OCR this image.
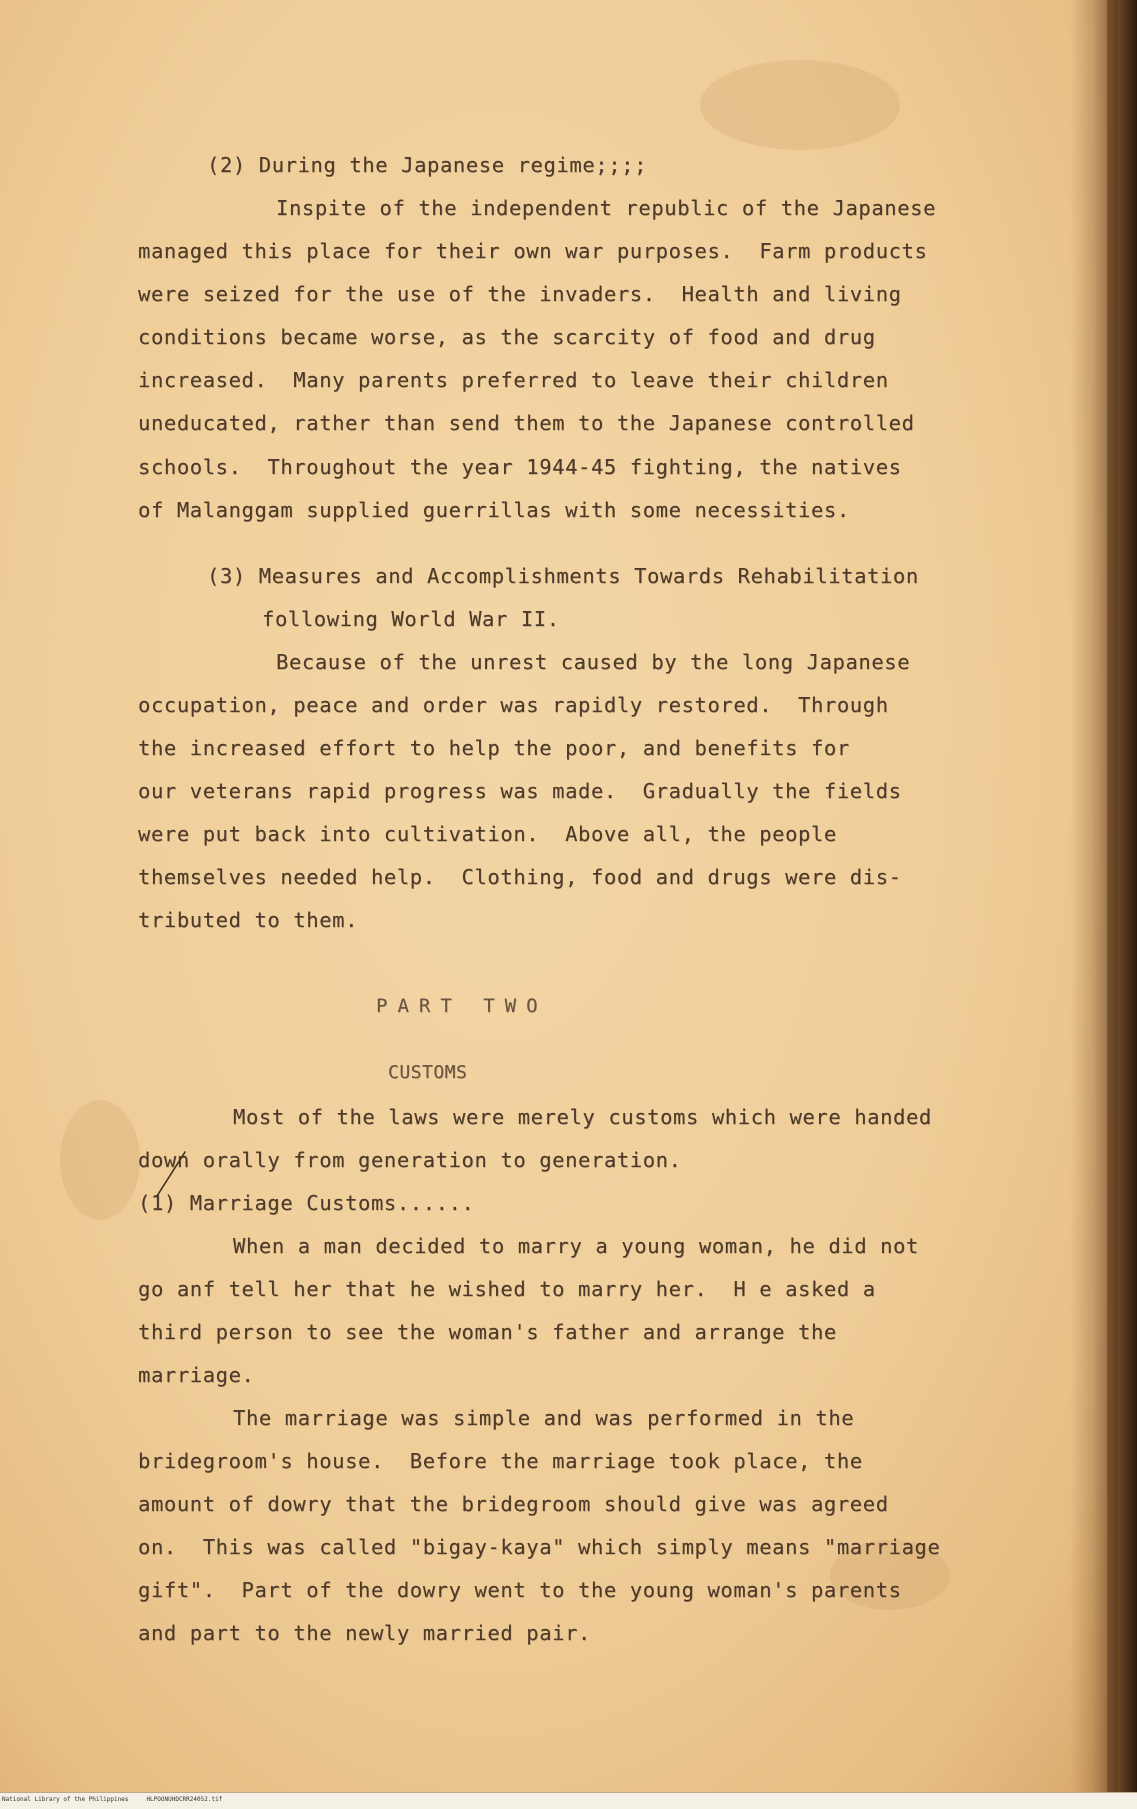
(2) During the Japanese regime;;;;
Inspite of the independent republic of the Japanese
managed this place for their own war purposes.  Farm products
were seized for the use of the invaders.  Health and living
conditions became worse, as the scarcity of food and drug
increased.  Many parents preferred to leave their children
uneducated, rather than send them to the Japanese controlled
schools.  Throughout the year 1944-45 fighting, the natives
of Malanggam supplied guerrillas with some necessities.
(3) Measures and Accomplishments Towards Rehabilitation
following World War II.
Because of the unrest caused by the long Japanese
occupation, peace and order was rapidly restored.  Through
the increased effort to help the poor, and benefits for
our veterans rapid progress was made.  Gradually the fields
were put back into cultivation.  Above all, the people
themselves needed help.  Clothing, food and drugs were dis-
tributed to them.
PART TWO
CUSTOMS
Most of the laws were merely customs which were handed
down orally from generation to generation.
(1) Marriage Customs......
When a man decided to marry a young woman, he did not
go anf tell her that he wished to marry her.  H e asked a
third person to see the woman's father and arrange the
marriage.
The marriage was simple and was performed in the
bridegroom's house.  Before the marriage took place, the
amount of dowry that the bridegroom should give was agreed
on.  This was called "bigay-kaya" which simply means "marriage
gift".  Part of the dowry went to the young woman's parents
and part to the newly married pair.
National Library of the Philippines	HLPOONUHDCRR24052.tif
